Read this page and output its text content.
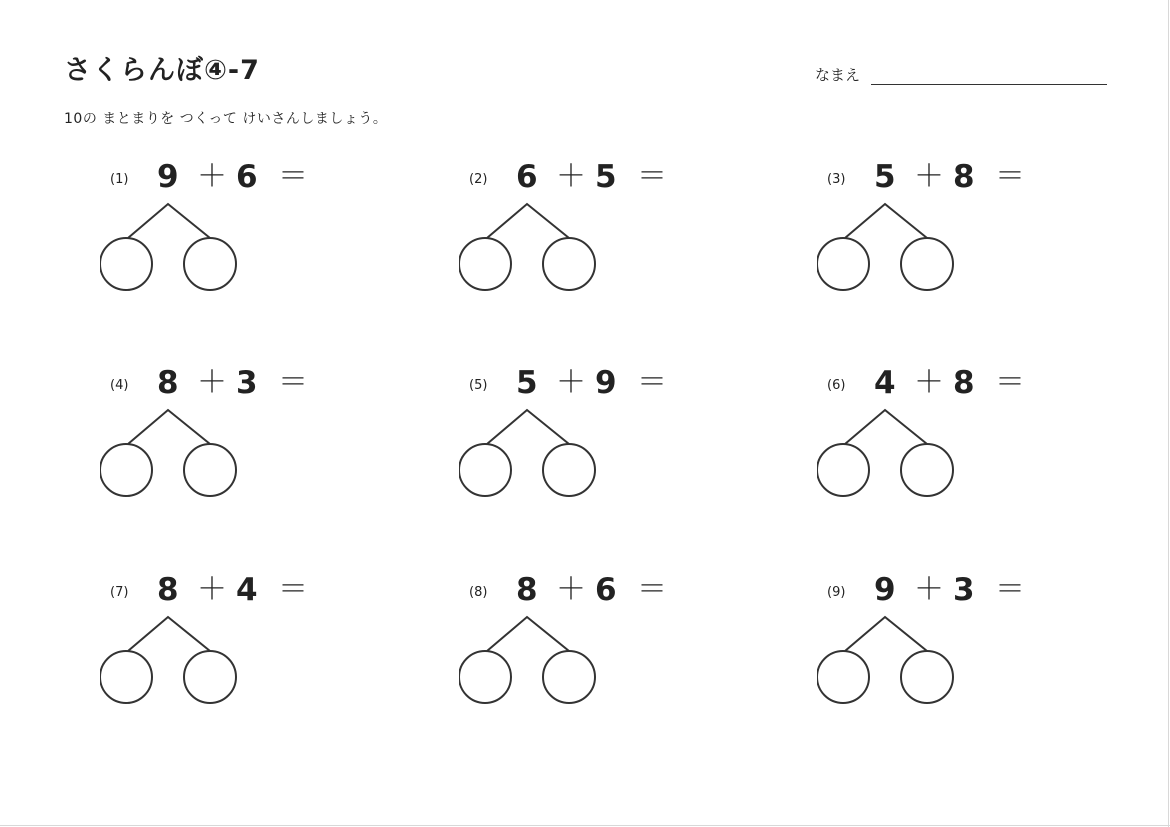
さくらんぼ④-7	なまえ
10の まとまりを つくって けいさんしましょう。
(1) 9 ＋ 6 ＝	(2) 6 ＋ 5 ＝	(3) 5 ＋ 8 ＝
(4) 8 ＋ 3 ＝	(5) 5 ＋ 9 ＝	(6) 4 ＋ 8 ＝
(7) 8 ＋ 4 ＝	(8) 8 ＋ 6 ＝	(9) 9 ＋ 3 ＝
